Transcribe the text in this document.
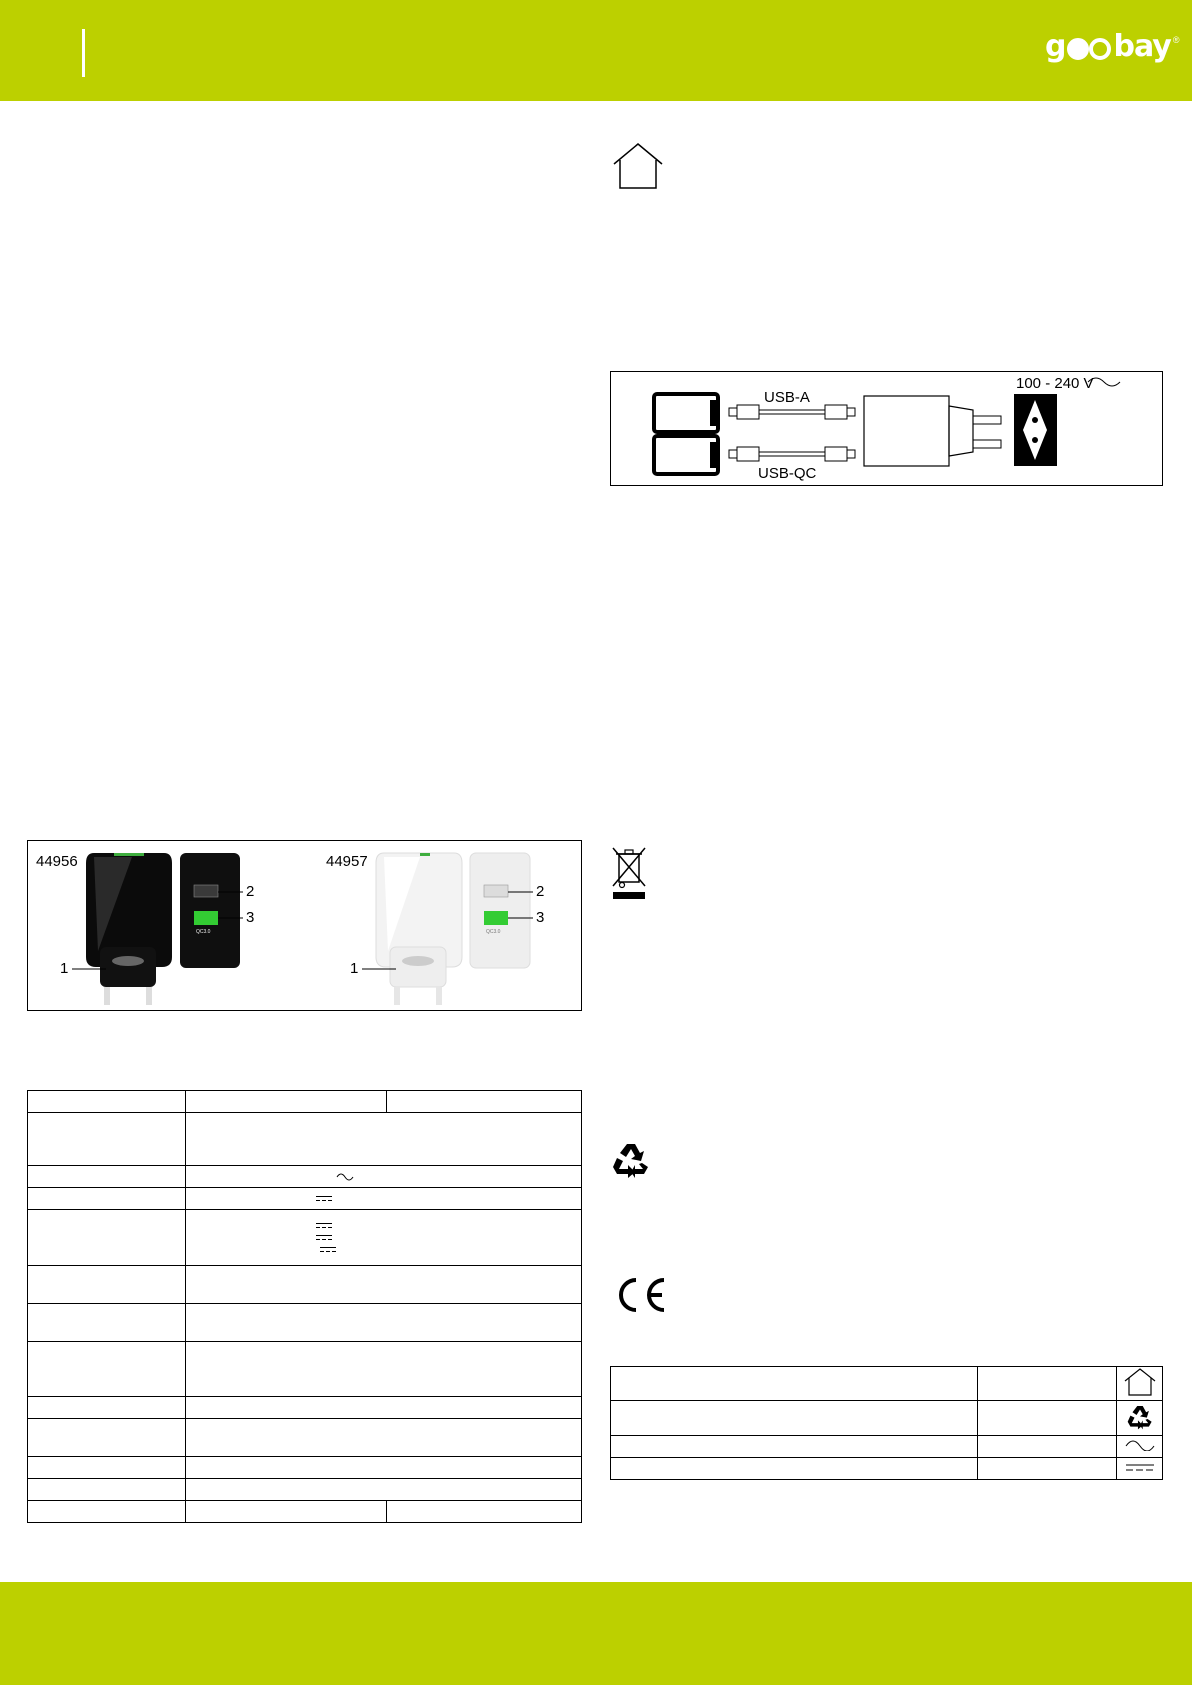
g bay ®
USB-A
USB-QC
100 - 240 V
44956	44957
1
2
3
1
2
3
QC3.0	QC3.0
